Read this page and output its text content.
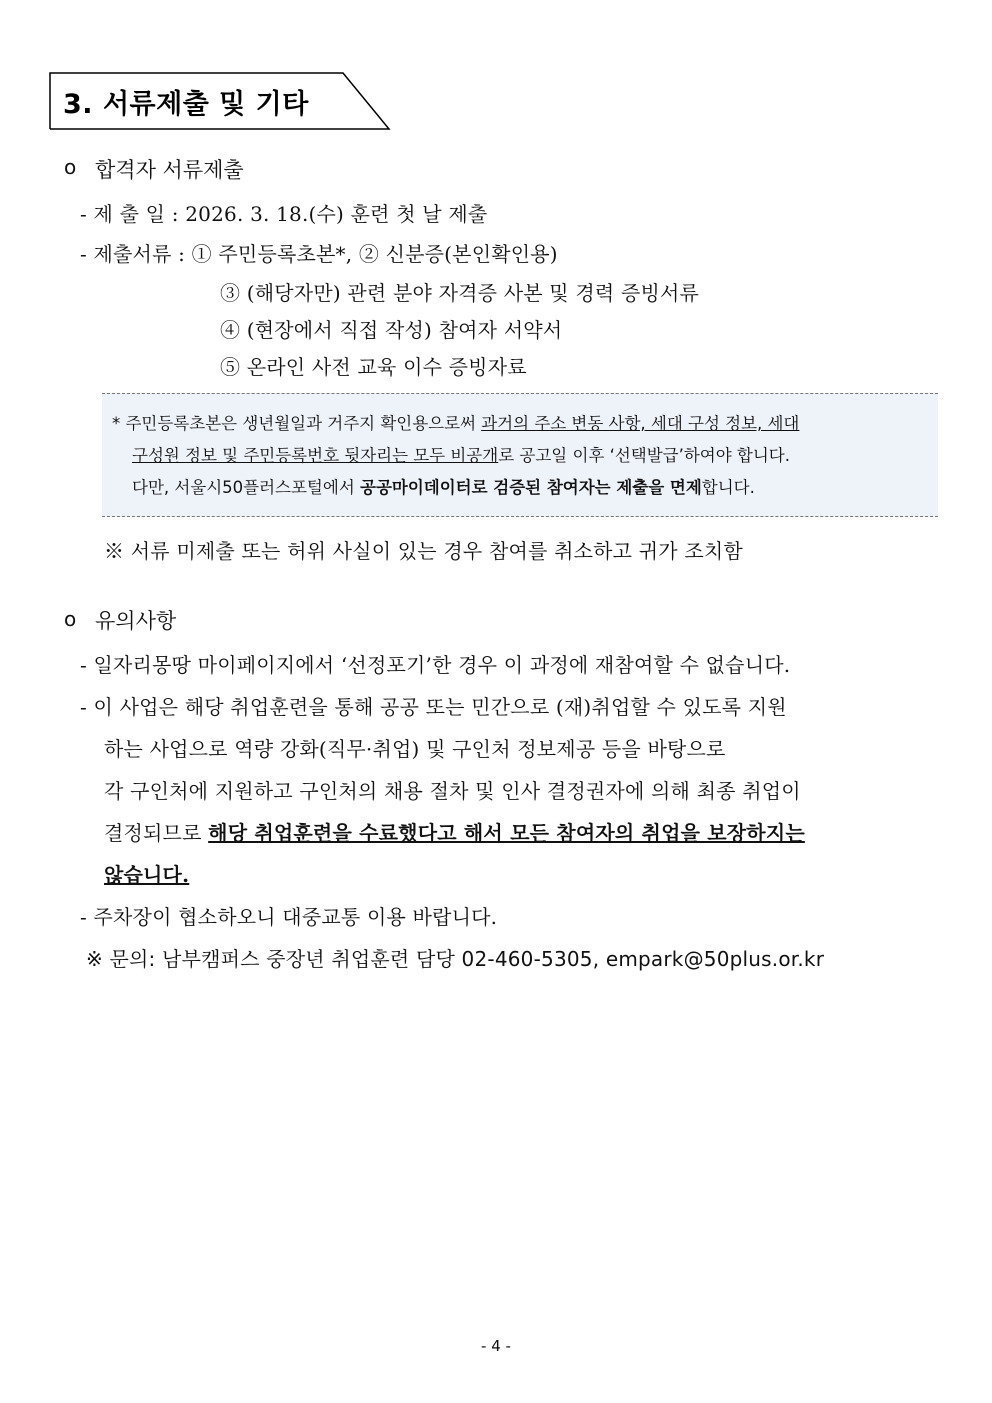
3. 서류제출 및 기타
o 합격자 서류제출
- 제 출 일 : 2026. 3. 18.(수) 훈련 첫 날 제출
- 제출서류 : ① 주민등록초본*, ② 신분증(본인확인용)
③ (해당자만) 관련 분야 자격증 사본 및 경력 증빙서류
④ (현장에서 직접 작성) 참여자 서약서
⑤ 온라인 사전 교육 이수 증빙자료
* 주민등록초본은 생년월일과 거주지 확인용으로써 과거의 주소 변동 사항, 세대 구성 정보, 세대
구성원 정보 및 주민등록번호 뒷자리는 모두 비공개로 공고일 이후 ‘선택발급’하여야 합니다.
다만, 서울시50플러스포털에서 공공마이데이터로 검증된 참여자는 제출을 면제합니다.
※ 서류 미제출 또는 허위 사실이 있는 경우 참여를 취소하고 귀가 조치함
o 유의사항
- 일자리몽땅 마이페이지에서 ‘선정포기’한 경우 이 과정에 재참여할 수 없습니다.
- 이 사업은 해당 취업훈련을 통해 공공 또는 민간으로 (재)취업할 수 있도록 지원
하는 사업으로 역량 강화(직무·취업) 및 구인처 정보제공 등을 바탕으로
각 구인처에 지원하고 구인처의 채용 절차 및 인사 결정권자에 의해 최종 취업이
결정되므로 해당 취업훈련을 수료했다고 해서 모든 참여자의 취업을 보장하지는
않습니다.
- 주차장이 협소하오니 대중교통 이용 바랍니다.
※ 문의: 남부캠퍼스 중장년 취업훈련 담당 02-460-5305, empark@50plus.or.kr
- 4 -
